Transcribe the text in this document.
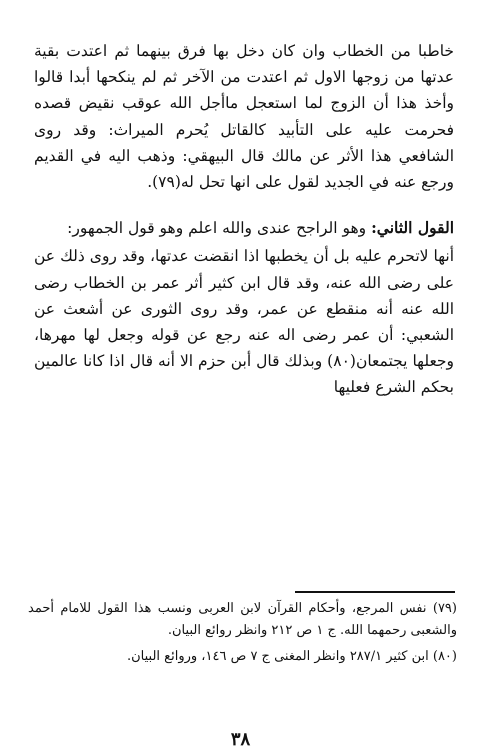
خاطبا من الخطاب وان كان دخل بها فرق بينهما ثم اعتدت بقية عدتها من زوجها الاول ثم اعتدت من الآخر ثم لم ينكحها أبدا قالوا وأخذ هذا أن الزوج لما استعجل ماأجل الله عوقب نقيض قصده فحرمت عليه على التأبيد كالقاتل يُحرم الميراث: وقد روى الشافعي هذا الأثر عن مالك قال البيهقي: وذهب اليه في القديم ورجع عنه في الجديد لقول على انها تحل له(٧٩).

القول الثاني: وهو الراجح عندى والله اعلم وهو قول الجمهور:

أنها لاتحرم عليه بل أن يخطبها اذا انقضت عدتها، وقد روى ذلك عن على رضى الله عنه، وقد قال ابن كثير أثر عمر بن الخطاب رضى الله عنه أنه منقطع عن عمر، وقد روى الثورى عن أشعث عن الشعبي: أن عمر رضى اله عنه رجع عن قوله وجعل لها مهرها، وجعلها يجتمعان(٨٠) وبذلك قال أبن حزم الا أنه قال اذا كانا عالمين بحكم الشرع فعليها

(٧٩) نفس المرجع، وأحكام القرآن لابن العربى ونسب هذا القول للامام أحمد والشعبى رحمهما الله. ج ١ ص ٢١٢ وانظر روائع البيان.

(٨٠) ابن كثير ٢٨٧/١ وانظر المغنى ج ٧ ص ١٤٦، وروائع البيان.

٣٨
